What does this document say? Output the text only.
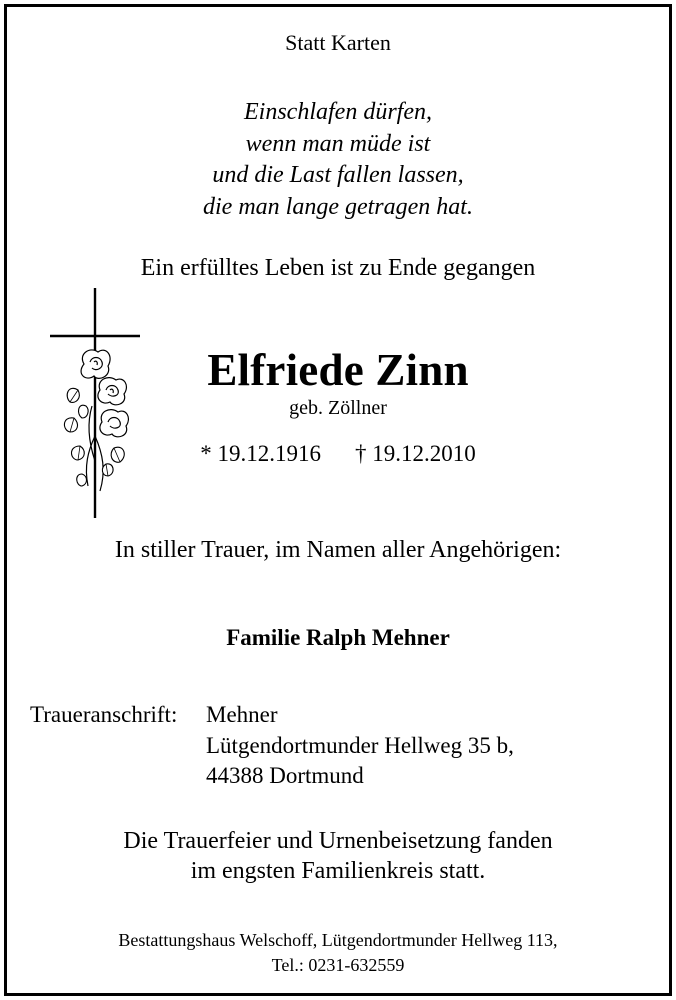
Statt Karten
Einschlafen dürfen,
wenn man müde ist
und die Last fallen lassen,
die man lange getragen hat.
Ein erfülltes Leben ist zu Ende gegangen
Elfriede Zinn
geb. Zöllner
* 19.12.1916 † 19.12.2010
In stiller Trauer, im Namen aller Angehörigen:
Familie Ralph Mehner
Traueranschrift: Mehner
Lütgendortmunder Hellweg 35 b,
44388 Dortmund
Die Trauerfeier und Urnenbeisetzung fanden
im engsten Familienkreis statt.
Bestattungshaus Welschoff, Lütgendortmunder Hellweg 113,
Tel.: 0231-632559
